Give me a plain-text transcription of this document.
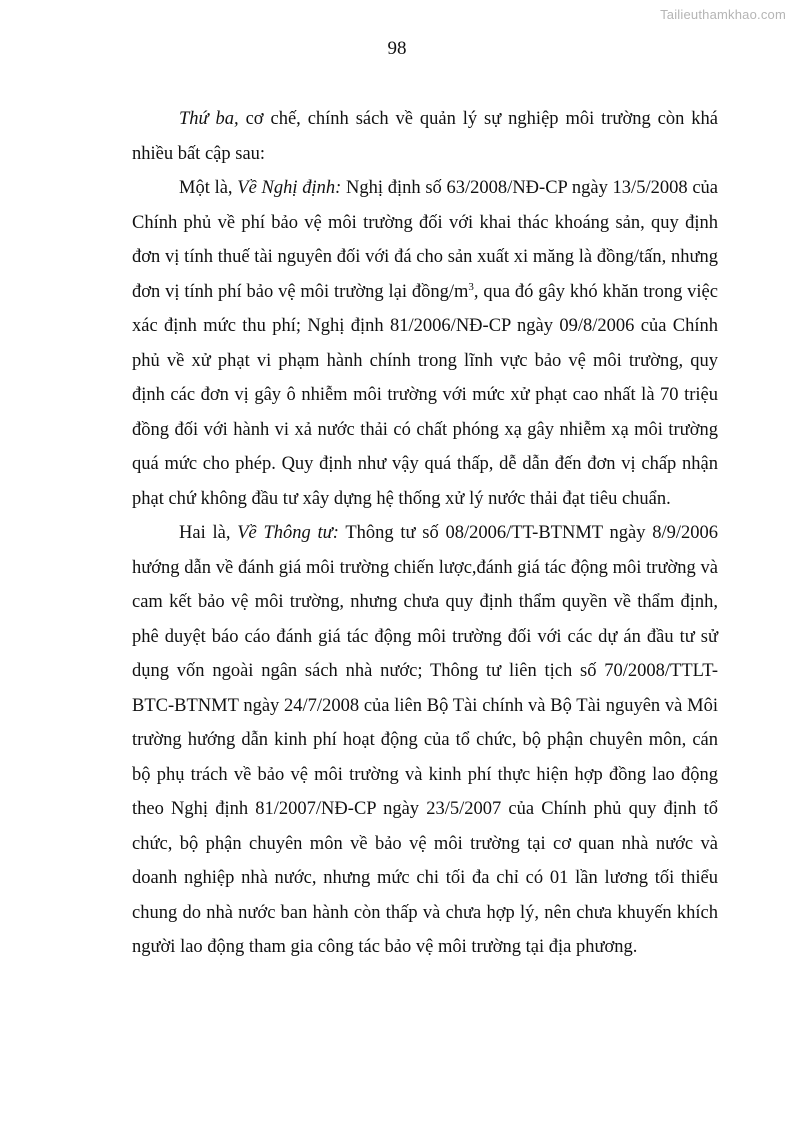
Tailieuthamkhao.com
98

Thứ ba, cơ chế, chính sách về quản lý sự nghiệp môi trường còn khá nhiều bất cập sau:

Một là, Về Nghị định: Nghị định số 63/2008/NĐ-CP ngày 13/5/2008 của Chính phủ về phí bảo vệ môi trường đối với khai thác khoáng sản, quy định đơn vị tính thuế tài nguyên đối với đá cho sản xuất xi măng là đồng/tấn, nhưng đơn vị tính phí bảo vệ môi trường lại đồng/$m^3$, qua đó gây khó khăn trong việc xác định mức thu phí; Nghị định 81/2006/NĐ-CP ngày 09/8/2006 của Chính phủ về xử phạt vi phạm hành chính trong lĩnh vực bảo vệ môi trường, quy định các đơn vị gây ô nhiễm môi trường với mức xử phạt cao nhất là 70 triệu đồng đối với hành vi xả nước thải có chất phóng xạ gây nhiễm xạ môi trường quá mức cho phép. Quy định như vậy quá thấp, dễ dẫn đến đơn vị chấp nhận phạt chứ không đầu tư xây dựng hệ thống xử lý nước thải đạt tiêu chuẩn.

Hai là, Về Thông tư: Thông tư số 08/2006/TT-BTNMT ngày 8/9/2006 hướng dẫn về đánh giá môi trường chiến lược,đánh giá tác động môi trường và cam kết bảo vệ môi trường, nhưng chưa quy định thẩm quyền về thẩm định, phê duyệt báo cáo đánh giá tác động môi trường đối với các dự án đầu tư sử dụng vốn ngoài ngân sách nhà nước; Thông tư liên tịch số 70/2008/TTLT-BTC-BTNMT ngày 24/7/2008 của liên Bộ Tài chính và Bộ Tài nguyên và Môi trường hướng dẫn kinh phí hoạt động của tổ chức, bộ phận chuyên môn, cán bộ phụ trách về bảo vệ môi trường và kinh phí thực hiện hợp đồng lao động theo Nghị định 81/2007/NĐ-CP ngày 23/5/2007 của Chính phủ quy định tổ chức, bộ phận chuyên môn về bảo vệ môi trường tại cơ quan nhà nước và doanh nghiệp nhà nước, nhưng mức chi tối đa chỉ có 01 lần lương tối thiểu chung do nhà nước ban hành còn thấp và chưa hợp lý, nên chưa khuyến khích người lao động tham gia công tác bảo vệ môi trường tại địa phương.
